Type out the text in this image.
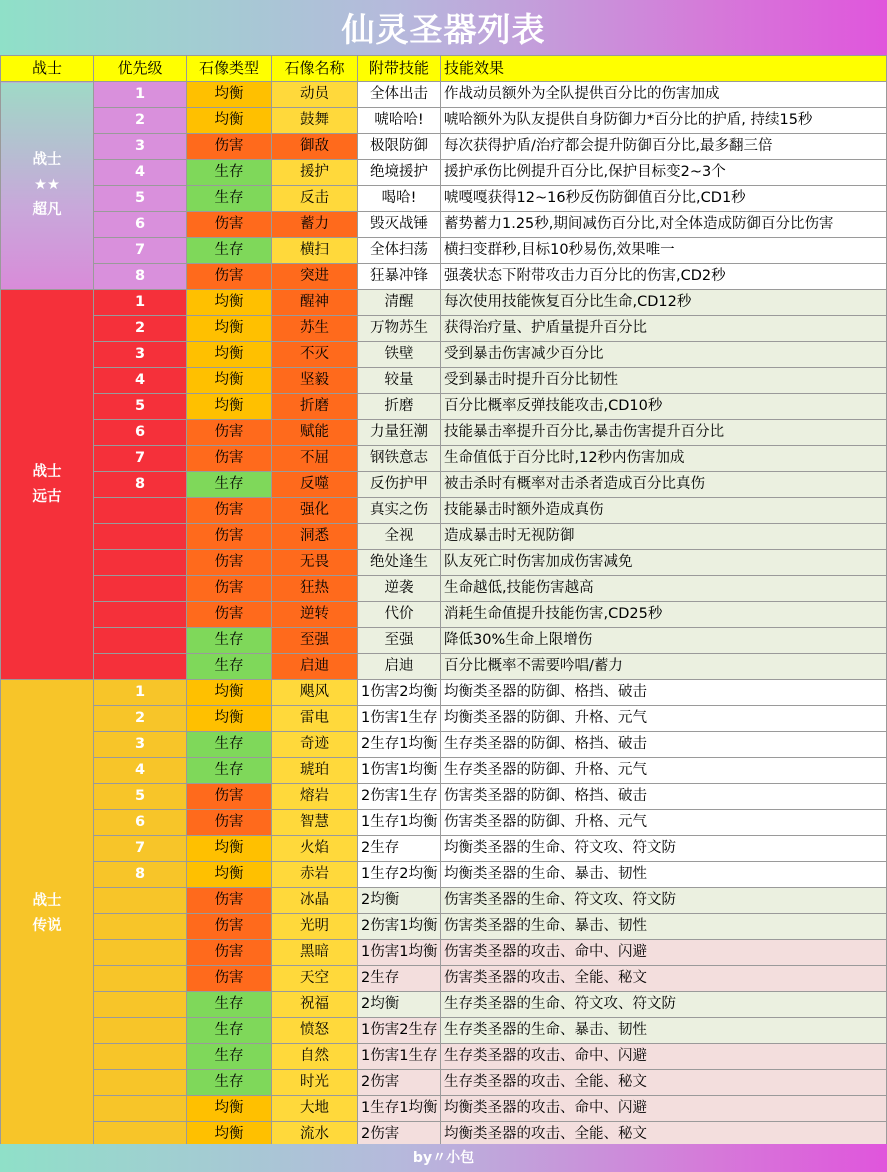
仙灵圣器列表
战士	优先级	石像类型	石像名称	附带技能	技能效果
战士
★★
超凡	1	均衡	动员	全体出击	作战动员额外为全队提供百分比的伤害加成
	2	均衡	鼓舞	唬哈哈!	唬哈额外为队友提供自身防御力*百分比的护盾, 持续15秒
	3	伤害	御敌	极限防御	每次获得护盾/治疗都会提升防御百分比,最多翻三倍
	4	生存	援护	绝境援护	援护承伤比例提升百分比,保护目标变2~3个
	5	生存	反击	喝哈!	唬嘎嘎获得12~16秒反伤防御值百分比,CD1秒
	6	伤害	蓄力	毁灭战锤	蓄势蓄力1.25秒,期间减伤百分比,对全体造成防御百分比伤害
	7	生存	横扫	全体扫荡	横扫变群秒,目标10秒易伤,效果唯一
	8	伤害	突进	狂暴冲锋	强袭状态下附带攻击力百分比的伤害,CD2秒
战士
远古	1	均衡	醒神	清醒	每次使用技能恢复百分比生命,CD12秒
	2	均衡	苏生	万物苏生	获得治疗量、护盾量提升百分比
	3	均衡	不灭	铁壁	受到暴击伤害减少百分比
	4	均衡	坚毅	较量	受到暴击时提升百分比韧性
	5	均衡	折磨	折磨	百分比概率反弹技能攻击,CD10秒
	6	伤害	赋能	力量狂潮	技能暴击率提升百分比,暴击伤害提升百分比
	7	伤害	不屈	钢铁意志	生命值低于百分比时,12秒内伤害加成
	8	生存	反噬	反伤护甲	被击杀时有概率对击杀者造成百分比真伤
		伤害	强化	真实之伤	技能暴击时额外造成真伤
		伤害	洞悉	全视	造成暴击时无视防御
		伤害	无畏	绝处逢生	队友死亡时伤害加成伤害减免
		伤害	狂热	逆袭	生命越低,技能伤害越高
		伤害	逆转	代价	消耗生命值提升技能伤害,CD25秒
		生存	至强	至强	降低30%生命上限增伤
		生存	启迪	启迪	百分比概率不需要吟唱/蓄力
战士
传说	1	均衡	飓风	1伤害2均衡	均衡类圣器的防御、格挡、破击
	2	均衡	雷电	1伤害1生存	均衡类圣器的防御、升格、元气
	3	生存	奇迹	2生存1均衡	生存类圣器的防御、格挡、破击
	4	生存	琥珀	1伤害1均衡	生存类圣器的防御、升格、元气
	5	伤害	熔岩	2伤害1生存	伤害类圣器的防御、格挡、破击
	6	伤害	智慧	1生存1均衡	伤害类圣器的防御、升格、元气
	7	均衡	火焰	2生存	均衡类圣器的生命、符文攻、符文防
	8	均衡	赤岩	1生存2均衡	均衡类圣器的生命、暴击、韧性
		伤害	冰晶	2均衡	伤害类圣器的生命、符文攻、符文防
		伤害	光明	2伤害1均衡	伤害类圣器的生命、暴击、韧性
		伤害	黑暗	1伤害1均衡	伤害类圣器的攻击、命中、闪避
		伤害	天空	2生存	伤害类圣器的攻击、全能、秘文
		生存	祝福	2均衡	生存类圣器的生命、符文攻、符文防
		生存	愤怒	1伤害2生存	生存类圣器的生命、暴击、韧性
		生存	自然	1伤害1生存	生存类圣器的攻击、命中、闪避
		生存	时光	2伤害	生存类圣器的攻击、全能、秘文
		均衡	大地	1生存1均衡	均衡类圣器的攻击、命中、闪避
		均衡	流水	2伤害	均衡类圣器的攻击、全能、秘文
by〃小包
